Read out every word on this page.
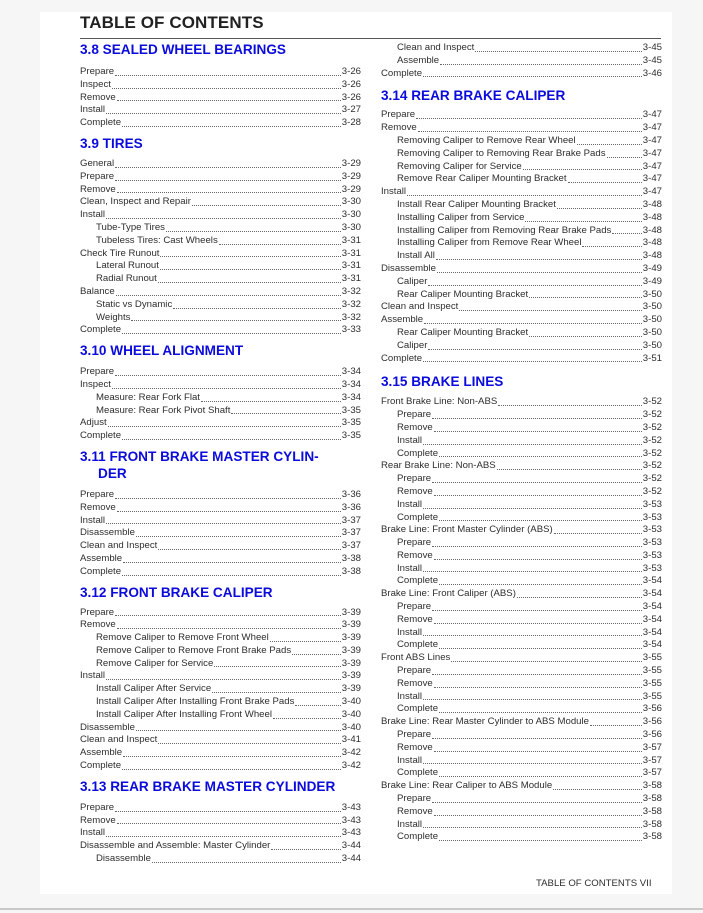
TABLE OF CONTENTS
3.8 SEALED WHEEL BEARINGS
Prepare	3-26
Inspect	3-26
Remove	3-26
Install	3-27
Complete	3-28
3.9 TIRES
General	3-29
Prepare	3-29
Remove	3-29
Clean, Inspect and Repair	3-30
Install	3-30
Tube-Type Tires	3-30
Tubeless Tires: Cast Wheels	3-31
Check Tire Runout	3-31
Lateral Runout	3-31
Radial Runout	3-31
Balance	3-32
Static vs Dynamic	3-32
Weights	3-32
Complete	3-33
3.10 WHEEL ALIGNMENT
Prepare	3-34
Inspect	3-34
Measure: Rear Fork Flat	3-34
Measure: Rear Fork Pivot Shaft	3-35
Adjust	3-35
Complete	3-35
3.11 FRONT BRAKE MASTER CYLIN-
DER
Prepare	3-36
Remove	3-36
Install	3-37
Disassemble	3-37
Clean and Inspect	3-37
Assemble	3-38
Complete	3-38
3.12 FRONT BRAKE CALIPER
Prepare	3-39
Remove	3-39
Remove Caliper to Remove Front Wheel	3-39
Remove Caliper to Remove Front Brake Pads	3-39
Remove Caliper for Service	3-39
Install	3-39
Install Caliper After Service	3-39
Install Caliper After Installing Front Brake Pads	3-40
Install Caliper After Installing Front Wheel	3-40
Disassemble	3-40
Clean and Inspect	3-41
Assemble	3-42
Complete	3-42
3.13 REAR BRAKE MASTER CYLINDER
Prepare	3-43
Remove	3-43
Install	3-43
Disassemble and Assemble: Master Cylinder	3-44
Disassemble	3-44
Clean and Inspect	3-45
Assemble	3-45
Complete	3-46
3.14 REAR BRAKE CALIPER
Prepare	3-47
Remove	3-47
Removing Caliper to Remove Rear Wheel	3-47
Removing Caliper to Removing Rear Brake Pads	3-47
Removing Caliper for Service	3-47
Remove Rear Caliper Mounting Bracket	3-47
Install	3-47
Install Rear Caliper Mounting Bracket	3-48
Installing Caliper from Service	3-48
Installing Caliper from Removing Rear Brake Pads	3-48
Installing Caliper from Remove Rear Wheel	3-48
Install All	3-48
Disassemble	3-49
Caliper	3-49
Rear Caliper Mounting Bracket	3-50
Clean and Inspect	3-50
Assemble	3-50
Rear Caliper Mounting Bracket	3-50
Caliper	3-50
Complete	3-51
3.15 BRAKE LINES
Front Brake Line: Non-ABS	3-52
Prepare	3-52
Remove	3-52
Install	3-52
Complete	3-52
Rear Brake Line: Non-ABS	3-52
Prepare	3-52
Remove	3-52
Install	3-53
Complete	3-53
Brake Line: Front Master Cylinder (ABS)	3-53
Prepare	3-53
Remove	3-53
Install	3-53
Complete	3-54
Brake Line: Front Caliper (ABS)	3-54
Prepare	3-54
Remove	3-54
Install	3-54
Complete	3-54
Front ABS Lines	3-55
Prepare	3-55
Remove	3-55
Install	3-55
Complete	3-56
Brake Line: Rear Master Cylinder to ABS Module	3-56
Prepare	3-56
Remove	3-57
Install	3-57
Complete	3-57
Brake Line: Rear Caliper to ABS Module	3-58
Prepare	3-58
Remove	3-58
Install	3-58
Complete	3-58
TABLE OF CONTENTS VII
